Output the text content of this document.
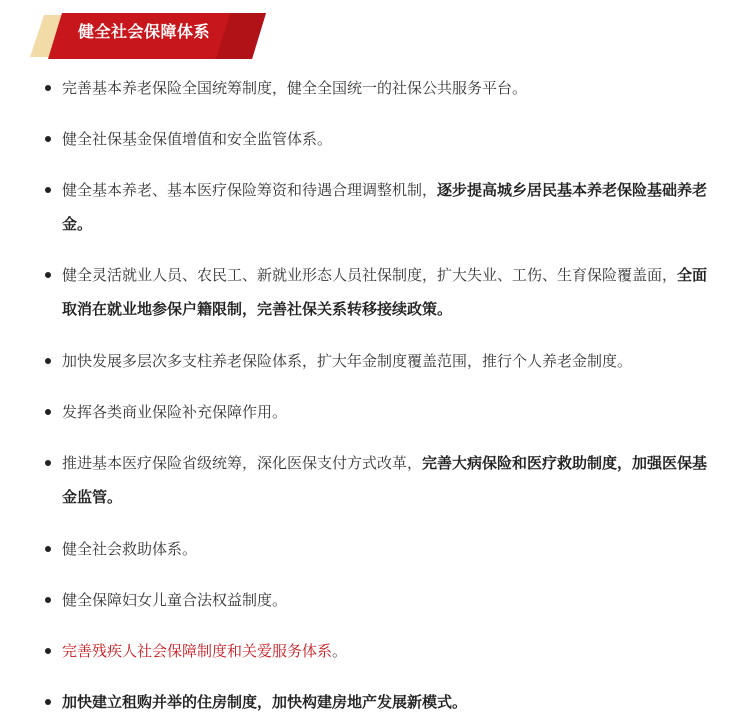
健全社会保障体系
完善基本养老保险全国统筹制度，健全全国统一的社保公共服务平台。
健全社保基金保值增值和安全监管体系。
健全基本养老、基本医疗保险筹资和待遇合理调整机制，逐步提高城乡居民基本养老保险基础养老金。
健全灵活就业人员、农民工、新就业形态人员社保制度，扩大失业、工伤、生育保险覆盖面，全面取消在就业地参保户籍限制，完善社保关系转移接续政策。
加快发展多层次多支柱养老保险体系，扩大年金制度覆盖范围，推行个人养老金制度。
发挥各类商业保险补充保障作用。
推进基本医疗保险省级统筹，深化医保支付方式改革，完善大病保险和医疗救助制度，加强医保基金监管。
健全社会救助体系。
健全保障妇女儿童合法权益制度。
完善残疾人社会保障制度和关爱服务体系。
加快建立租购并举的住房制度，加快构建房地产发展新模式。
